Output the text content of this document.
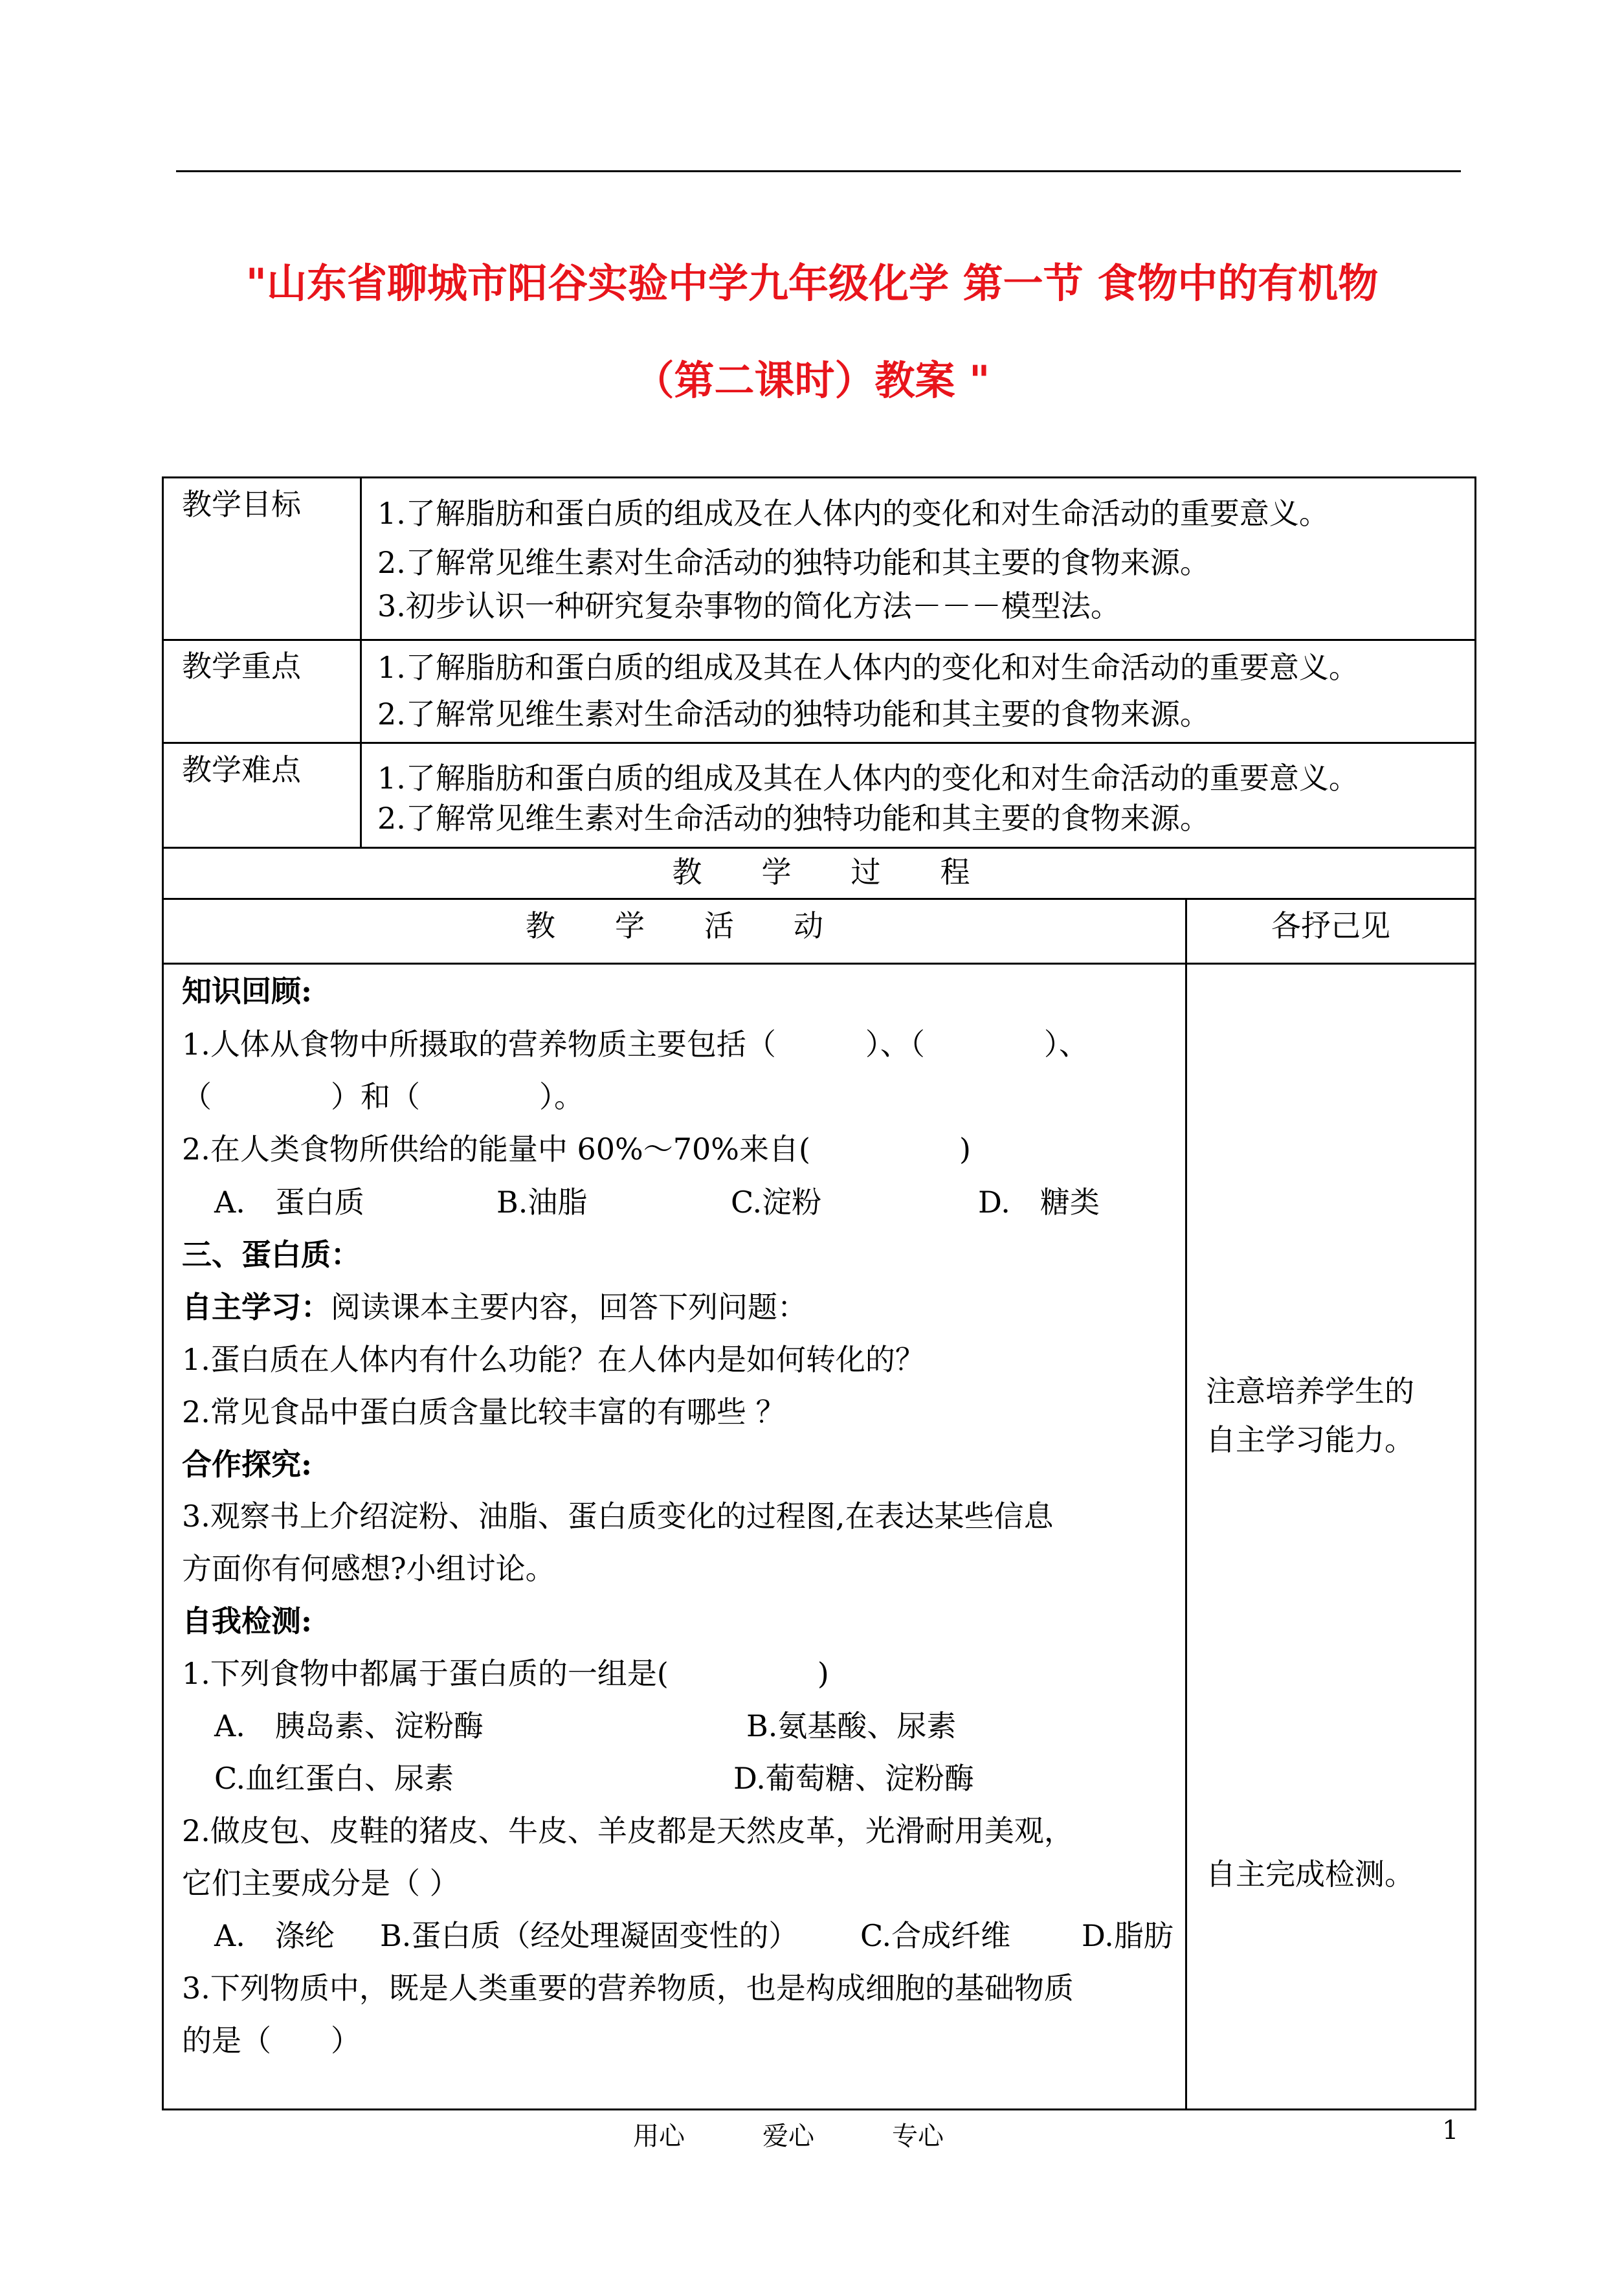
"山东省聊城市阳谷实验中学九年级化学 第一节 食物中的有机物
（第二课时）教案 "
教学目标	1.了解脂肪和蛋白质的组成及在人体内的变化和对生命活动的重要意义。
2.了解常见维生素对生命活动的独特功能和其主要的食物来源。
3.初步认识一种研究复杂事物的简化方法－－－模型法。
教学重点	1.了解脂肪和蛋白质的组成及其在人体内的变化和对生命活动的重要意义。
2.了解常见维生素对生命活动的独特功能和其主要的食物来源。
教学难点	1.了解脂肪和蛋白质的组成及其在人体内的变化和对生命活动的重要意义。
2.了解常见维生素对生命活动的独特功能和其主要的食物来源。
教　　学　　过　　程
教　　学　　活　　动	各抒己见
知识回顾:
1.人体从食物中所摄取的营养物质主要包括（　　　）、（　　　　）、
（　　　　）和（　　　　）。
2.在人类食物所供给的能量中 60%～70%来自(　　　　　)
A.　蛋白质	B.油脂	C.淀粉	D.　糖类
三、蛋白质：
自主学习：阅读课本主要内容，回答下列问题：
1.蛋白质在人体内有什么功能？在人体内是如何转化的？
2.常见食品中蛋白质含量比较丰富的有哪些 ？
合作探究:
3.观察书上介绍淀粉、油脂、蛋白质变化的过程图,在表达某些信息
方面你有何感想?小组讨论。
自我检测:
1.下列食物中都属于蛋白质的一组是(　　　　　)
A.　胰岛素、淀粉酶	B.氨基酸、尿素
C.血红蛋白、尿素	D.葡萄糖、淀粉酶
2.做皮包、皮鞋的猪皮、牛皮、羊皮都是天然皮革，光滑耐用美观，
它们主要成分是（ ）
A.　涤纶 B.蛋白质（经处理凝固变性的） C.合成纤维 D.脂肪
3.下列物质中，既是人类重要的营养物质，也是构成细胞的基础物质
的是（　　）
注意培养学生的
自主学习能力。
自主完成检测。
用心	爱心	专心	1
